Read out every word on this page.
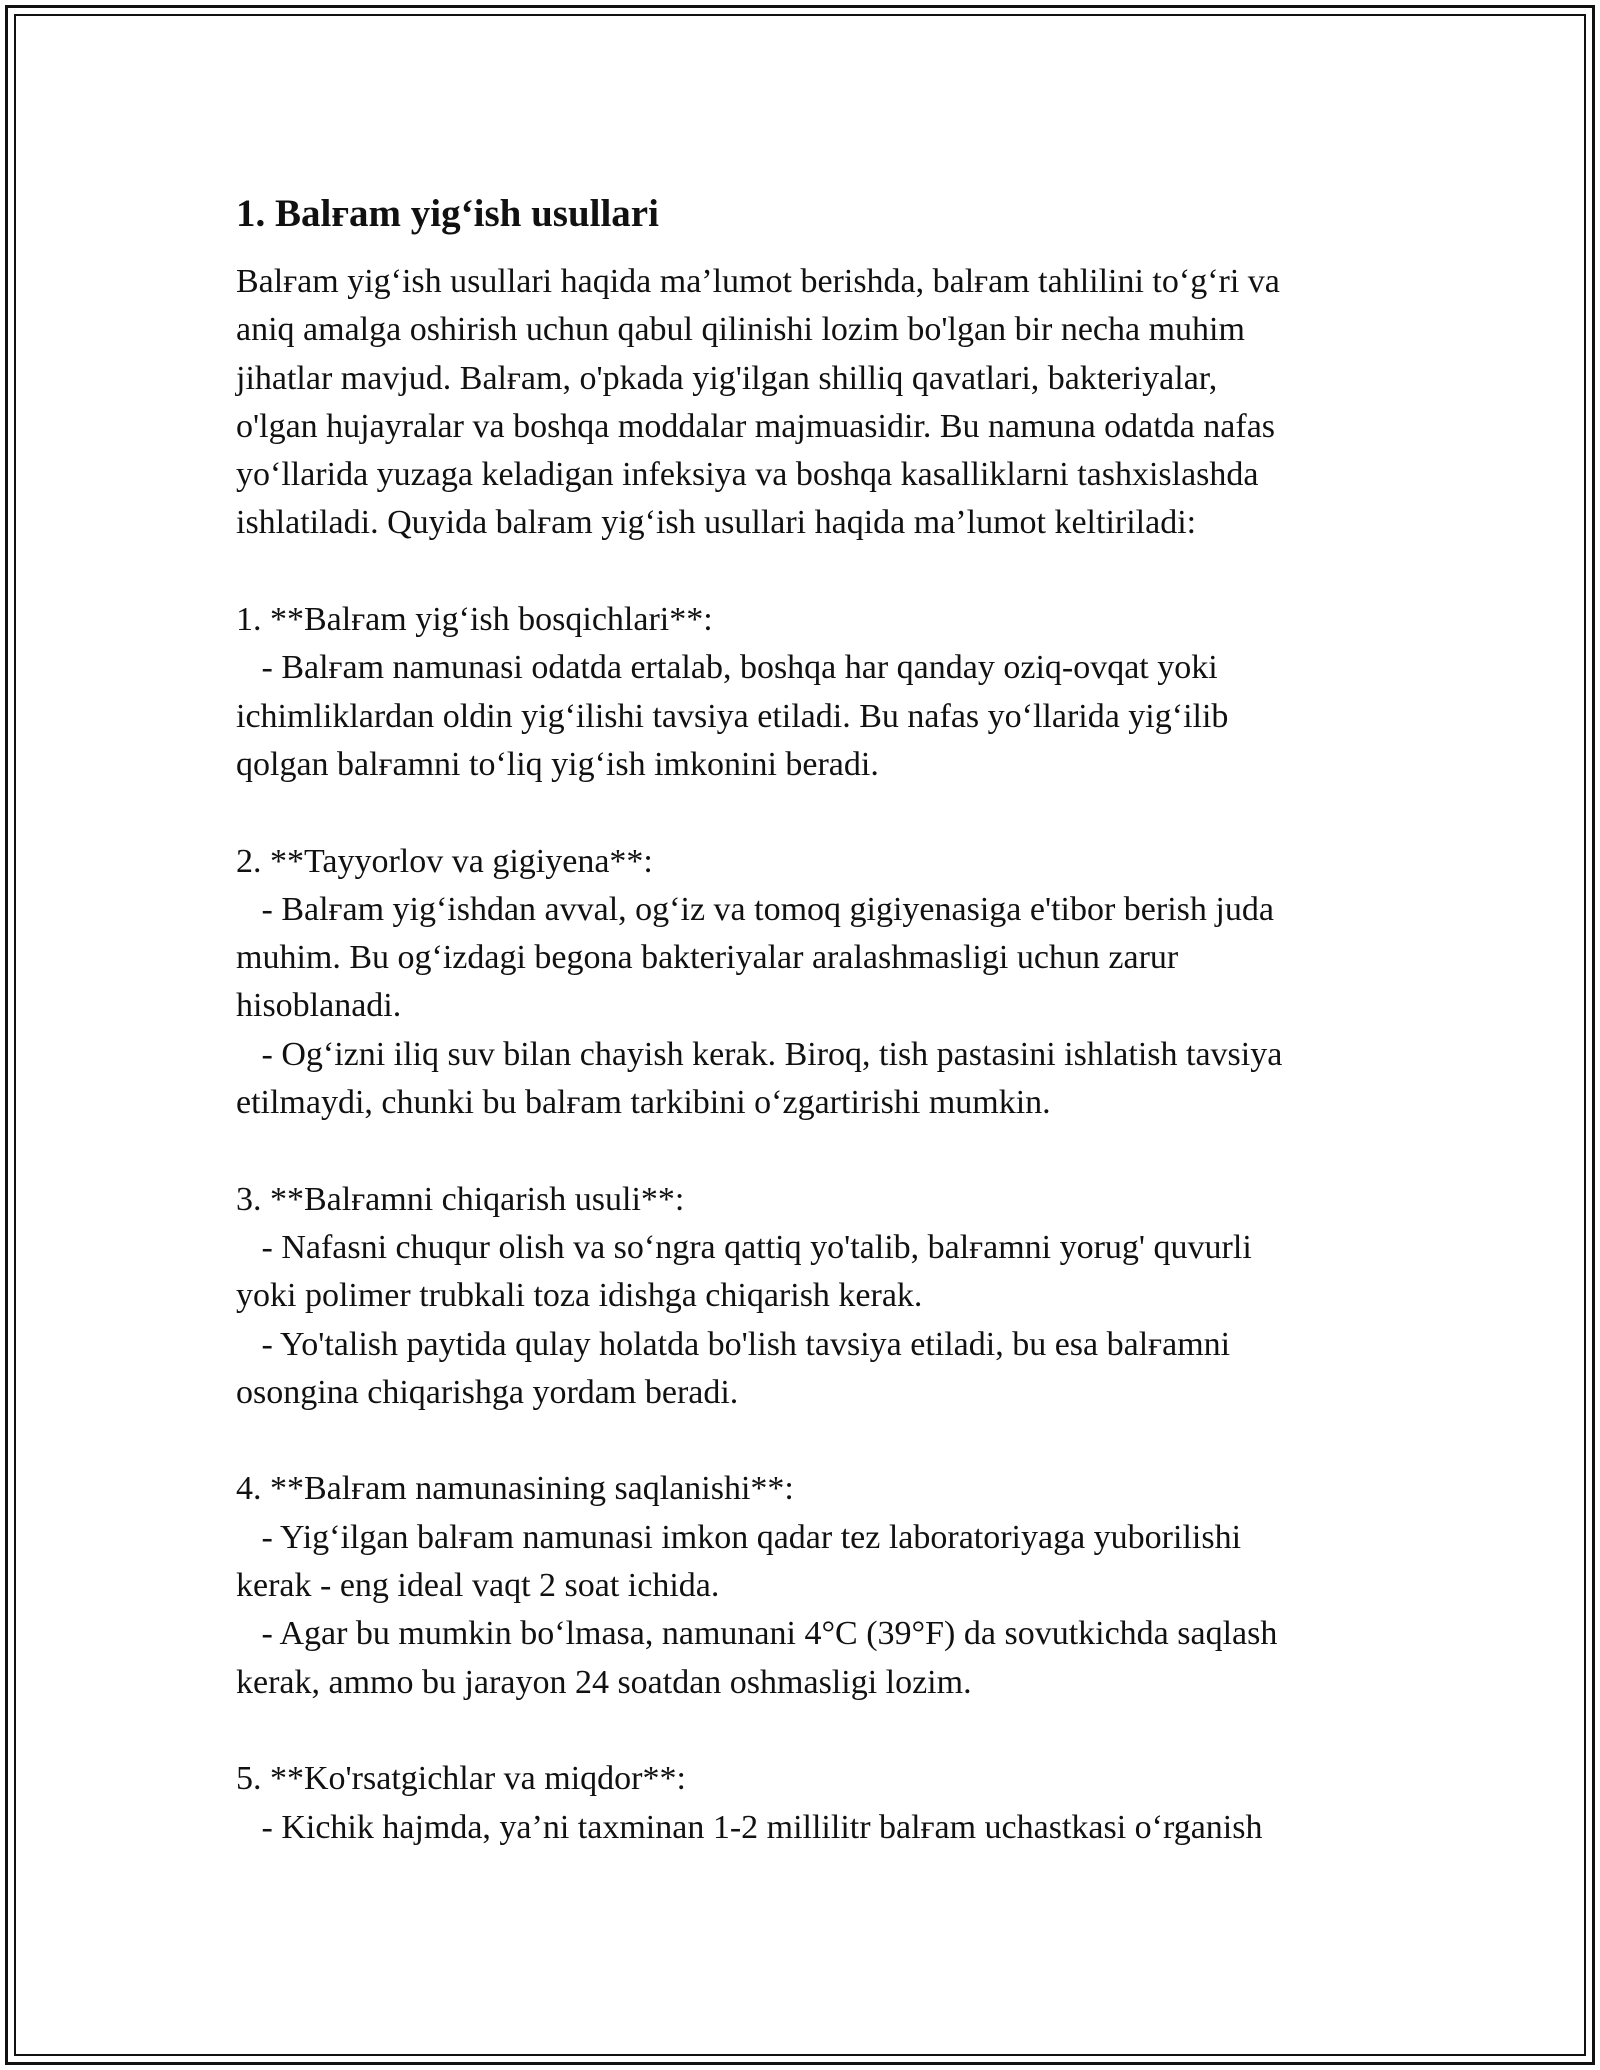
1. Balғam yig‘ish usullari
Balғam yig‘ish usullari haqida ma’lumot berishda, balғam tahlilini to‘g‘ri va
aniq amalga oshirish uchun qabul qilinishi lozim bo'lgan bir necha muhim
jihatlar mavjud. Balғam, o'pkada yig'ilgan shilliq qavatlari, bakteriyalar,
o'lgan hujayralar va boshqa moddalar majmuasidir. Bu namuna odatda nafas
yo‘llarida yuzaga keladigan infeksiya va boshqa kasalliklarni tashxislashda
ishlatiladi. Quyida balғam yig‘ish usullari haqida ma’lumot keltiriladi:
1. **Balғam yig‘ish bosqichlari**:
- Balғam namunasi odatda ertalab, boshqa har qanday oziq-ovqat yoki
ichimliklardan oldin yig‘ilishi tavsiya etiladi. Bu nafas yo‘llarida yig‘ilib
qolgan balғamni to‘liq yig‘ish imkonini beradi.
2. **Tayyorlov va gigiyena**:
- Balғam yig‘ishdan avval, og‘iz va tomoq gigiyenasiga e'tibor berish juda
muhim. Bu og‘izdagi begona bakteriyalar aralashmasligi uchun zarur
hisoblanadi.
- Og‘izni iliq suv bilan chayish kerak. Biroq, tish pastasini ishlatish tavsiya
etilmaydi, chunki bu balғam tarkibini o‘zgartirishi mumkin.
3. **Balғamni chiqarish usuli**:
- Nafasni chuqur olish va so‘ngra qattiq yo'talib, balғamni yorug' quvurli
yoki polimer trubkali toza idishga chiqarish kerak.
- Yo'talish paytida qulay holatda bo'lish tavsiya etiladi, bu esa balғamni
osongina chiqarishga yordam beradi.
4. **Balғam namunasining saqlanishi**:
- Yig‘ilgan balғam namunasi imkon qadar tez laboratoriyaga yuborilishi
kerak - eng ideal vaqt 2 soat ichida.
- Agar bu mumkin bo‘lmasa, namunani 4°C (39°F) da sovutkichda saqlash
kerak, ammo bu jarayon 24 soatdan oshmasligi lozim.
5. **Ko'rsatgichlar va miqdor**:
- Kichik hajmda, ya’ni taxminan 1-2 millilitr balғam uchastkasi o‘rganish
